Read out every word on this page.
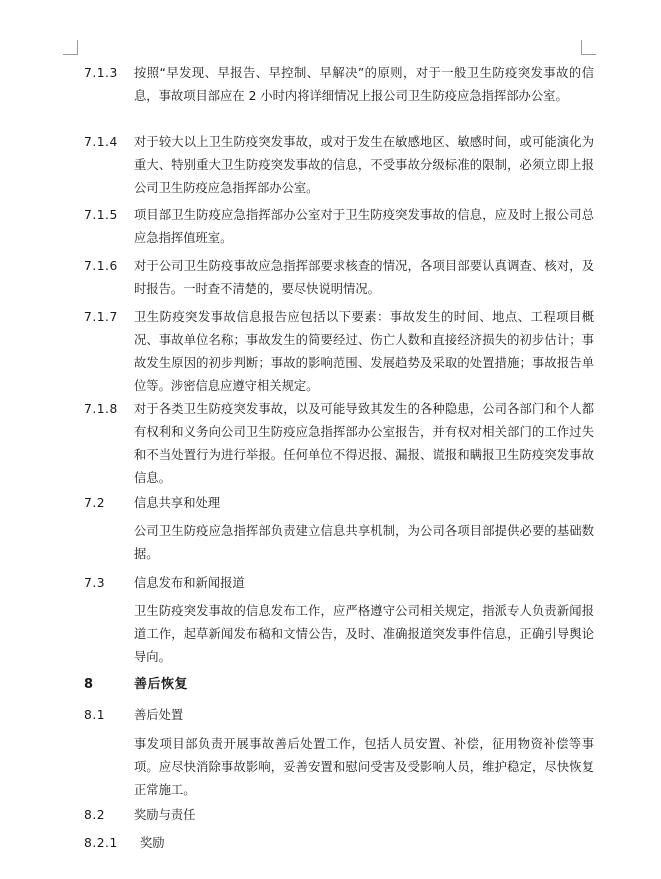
7.1.3	按照“早发现、早报告、早控制、早解决”的原则，对于一般卫生防疫突发事故的信息，事故项目部应在 2 小时内将详细情况上报公司卫生防疫应急指挥部办公室。
7.1.4	对于较大以上卫生防疫突发事故，或对于发生在敏感地区、敏感时间，或可能演化为重大、特别重大卫生防疫突发事故的信息，不受事故分级标准的限制，必须立即上报公司卫生防疫应急指挥部办公室。
7.1.5	项目部卫生防疫应急指挥部办公室对于卫生防疫突发事故的信息，应及时上报公司总应急指挥值班室。
7.1.6	对于公司卫生防疫事故应急指挥部要求核查的情况，各项目部要认真调查、核对，及时报告。一时查不清楚的，要尽快说明情况。
7.1.7	卫生防疫突发事故信息报告应包括以下要素：事故发生的时间、地点、工程项目概况、事故单位名称；事故发生的简要经过、伤亡人数和直接经济损失的初步估计；事故发生原因的初步判断；事故的影响范围、发展趋势及采取的处置措施；事故报告单位等。涉密信息应遵守相关规定。
7.1.8	对于各类卫生防疫突发事故，以及可能导致其发生的各种隐患，公司各部门和个人都有权利和义务向公司卫生防疫应急指挥部办公室报告，并有权对相关部门的工作过失和不当处置行为进行举报。任何单位不得迟报、漏报、谎报和瞒报卫生防疫突发事故信息。
7.2	信息共享和处理
公司卫生防疫应急指挥部负责建立信息共享机制，为公司各项目部提供必要的基础数据。
7.3	信息发布和新闻报道
卫生防疫突发事故的信息发布工作，应严格遵守公司相关规定，指派专人负责新闻报道工作，起草新闻发布稿和文情公告，及时、准确报道突发事件信息，正确引导舆论导向。
8	善后恢复
8.1	善后处置
事发项目部负责开展事故善后处置工作，包括人员安置、补偿，征用物资补偿等事项。应尽快消除事故影响，妥善安置和慰问受害及受影响人员，维护稳定，尽快恢复正常施工。
8.2	奖励与责任
8.2.1	奖励
